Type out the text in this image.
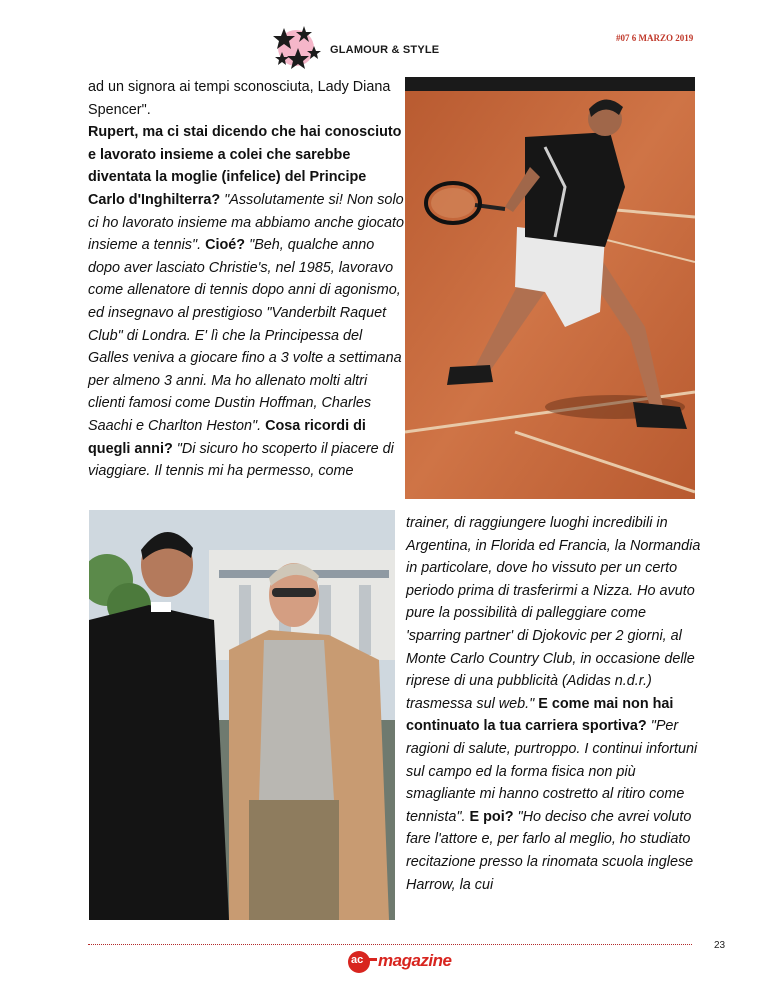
GLAMOUR & STYLE
#07 6 MARZO 2019

ad un signora ai tempi sconosciuta, Lady Diana Spencer".

Rupert, ma ci stai dicendo che hai conosciuto e lavorato insieme a colei che sarebbe diventata la moglie (infelice) del Principe Carlo d'Inghilterra? "Assolutamente si! Non solo ci ho lavorato insieme ma abbiamo anche giocato insieme a tennis". Cioé? "Beh, qualche anno dopo aver lasciato Christie's, nel 1985, lavoravo come allenatore di tennis dopo anni di agonismo, ed insegnavo al prestigioso "Vanderbilt Raquet Club" di Londra. E' lì che la Principessa del Galles veniva a giocare fino a 3 volte a settimana per almeno 3 anni. Ma ho allenato molti altri clienti famosi come Dustin Hoffman, Charles Saachi e Charlton Heston". Cosa ricordi di quegli anni? "Di sicuro ho scoperto il piacere di viaggiare. Il tennis mi ha permesso, come

trainer, di raggiungere luoghi incredibili in Argentina, in Florida ed Francia, la Normandia in particolare, dove ho vissuto per un certo periodo prima di trasferirmi a Nizza. Ho avuto pure la possibilità di palleggiare come 'sparring partner' di Djokovic per 2 giorni, al Monte Carlo Country Club, in occasione delle riprese di una pubblicità (Adidas n.d.r.) trasmessa sul web." E come mai non hai continuato la tua carriera sportiva? "Per ragioni di salute, purtroppo. I continui infortuni sul campo ed la forma fisica non più smagliante mi hanno costretto al ritiro come tennista". E poi? "Ho deciso che avrei voluto fare l'attore e, per farlo al meglio, ho studiato recitazione presso la rinomata scuola inglese Harrow, la cui

23
ac magazine
